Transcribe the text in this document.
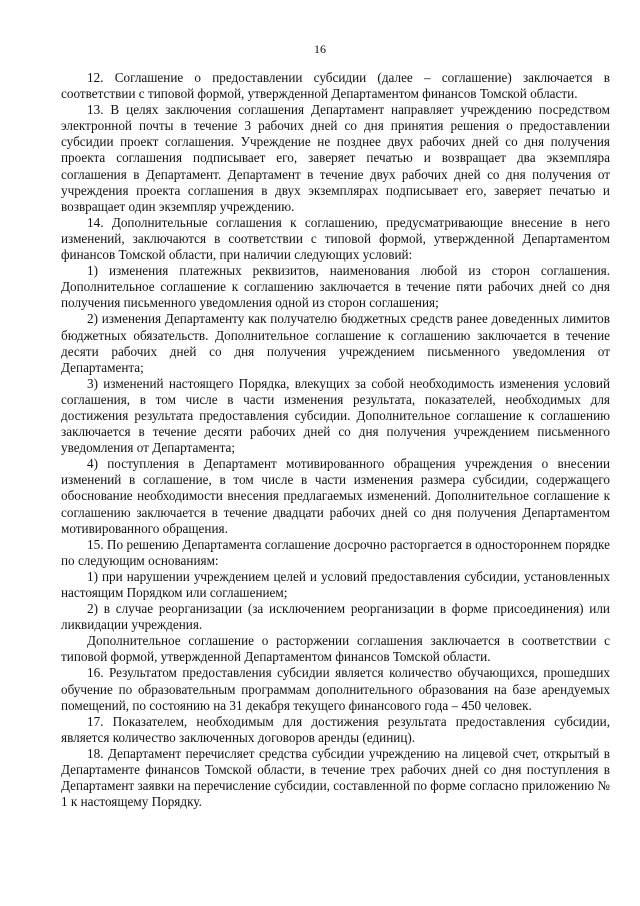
16

12. Соглашение о предоставлении субсидии (далее – соглашение) заключается в соответствии с типовой формой, утвержденной Департаментом финансов Томской области.

13. В целях заключения соглашения Департамент направляет учреждению посредством электронной почты в течение 3 рабочих дней со дня принятия решения о предоставлении субсидии проект соглашения. Учреждение не позднее двух рабочих дней со дня получения проекта соглашения подписывает его, заверяет печатью и возвращает два экземпляра соглашения в Департамент. Департамент в течение двух рабочих дней со дня получения от учреждения проекта соглашения в двух экземплярах подписывает его, заверяет печатью и возвращает один экземпляр учреждению.

14. Дополнительные соглашения к соглашению, предусматривающие внесение в него изменений, заключаются в соответствии с типовой формой, утвержденной Департаментом финансов Томской области, при наличии следующих условий:

1) изменения платежных реквизитов, наименования любой из сторон соглашения. Дополнительное соглашение к соглашению заключается в течение пяти рабочих дней со дня получения письменного уведомления одной из сторон соглашения;

2) изменения Департаменту как получателю бюджетных средств ранее доведенных лимитов бюджетных обязательств. Дополнительное соглашение к соглашению заключается в течение десяти рабочих дней со дня получения учреждением письменного уведомления от Департамента;

3) изменений настоящего Порядка, влекущих за собой необходимость изменения условий соглашения, в том числе в части изменения результата, показателей, необходимых для достижения результата предоставления субсидии. Дополнительное соглашение к соглашению заключается в течение десяти рабочих дней со дня получения учреждением письменного уведомления от Департамента;

4) поступления в Департамент мотивированного обращения учреждения о внесении изменений в соглашение, в том числе в части изменения размера субсидии, содержащего обоснование необходимости внесения предлагаемых изменений. Дополнительное соглашение к соглашению заключается в течение двадцати рабочих дней со дня получения Департаментом мотивированного обращения.

15. По решению Департамента соглашение досрочно расторгается в одностороннем порядке по следующим основаниям:

1) при нарушении учреждением целей и условий предоставления субсидии, установленных настоящим Порядком или соглашением;

2) в случае реорганизации (за исключением реорганизации в форме присоединения) или ликвидации учреждения.

Дополнительное соглашение о расторжении соглашения заключается в соответствии с типовой формой, утвержденной Департаментом финансов Томской области.

16. Результатом предоставления субсидии является количество обучающихся, прошедших обучение по образовательным программам дополнительного образования на базе арендуемых помещений, по состоянию на 31 декабря текущего финансового года – 450 человек.

17. Показателем, необходимым для достижения результата предоставления субсидии, является количество заключенных договоров аренды (единиц).

18. Департамент перечисляет средства субсидии учреждению на лицевой счет, открытый в Департаменте финансов Томской области, в течение трех рабочих дней со дня поступления в Департамент заявки на перечисление субсидии, составленной по форме согласно приложению № 1 к настоящему Порядку.
